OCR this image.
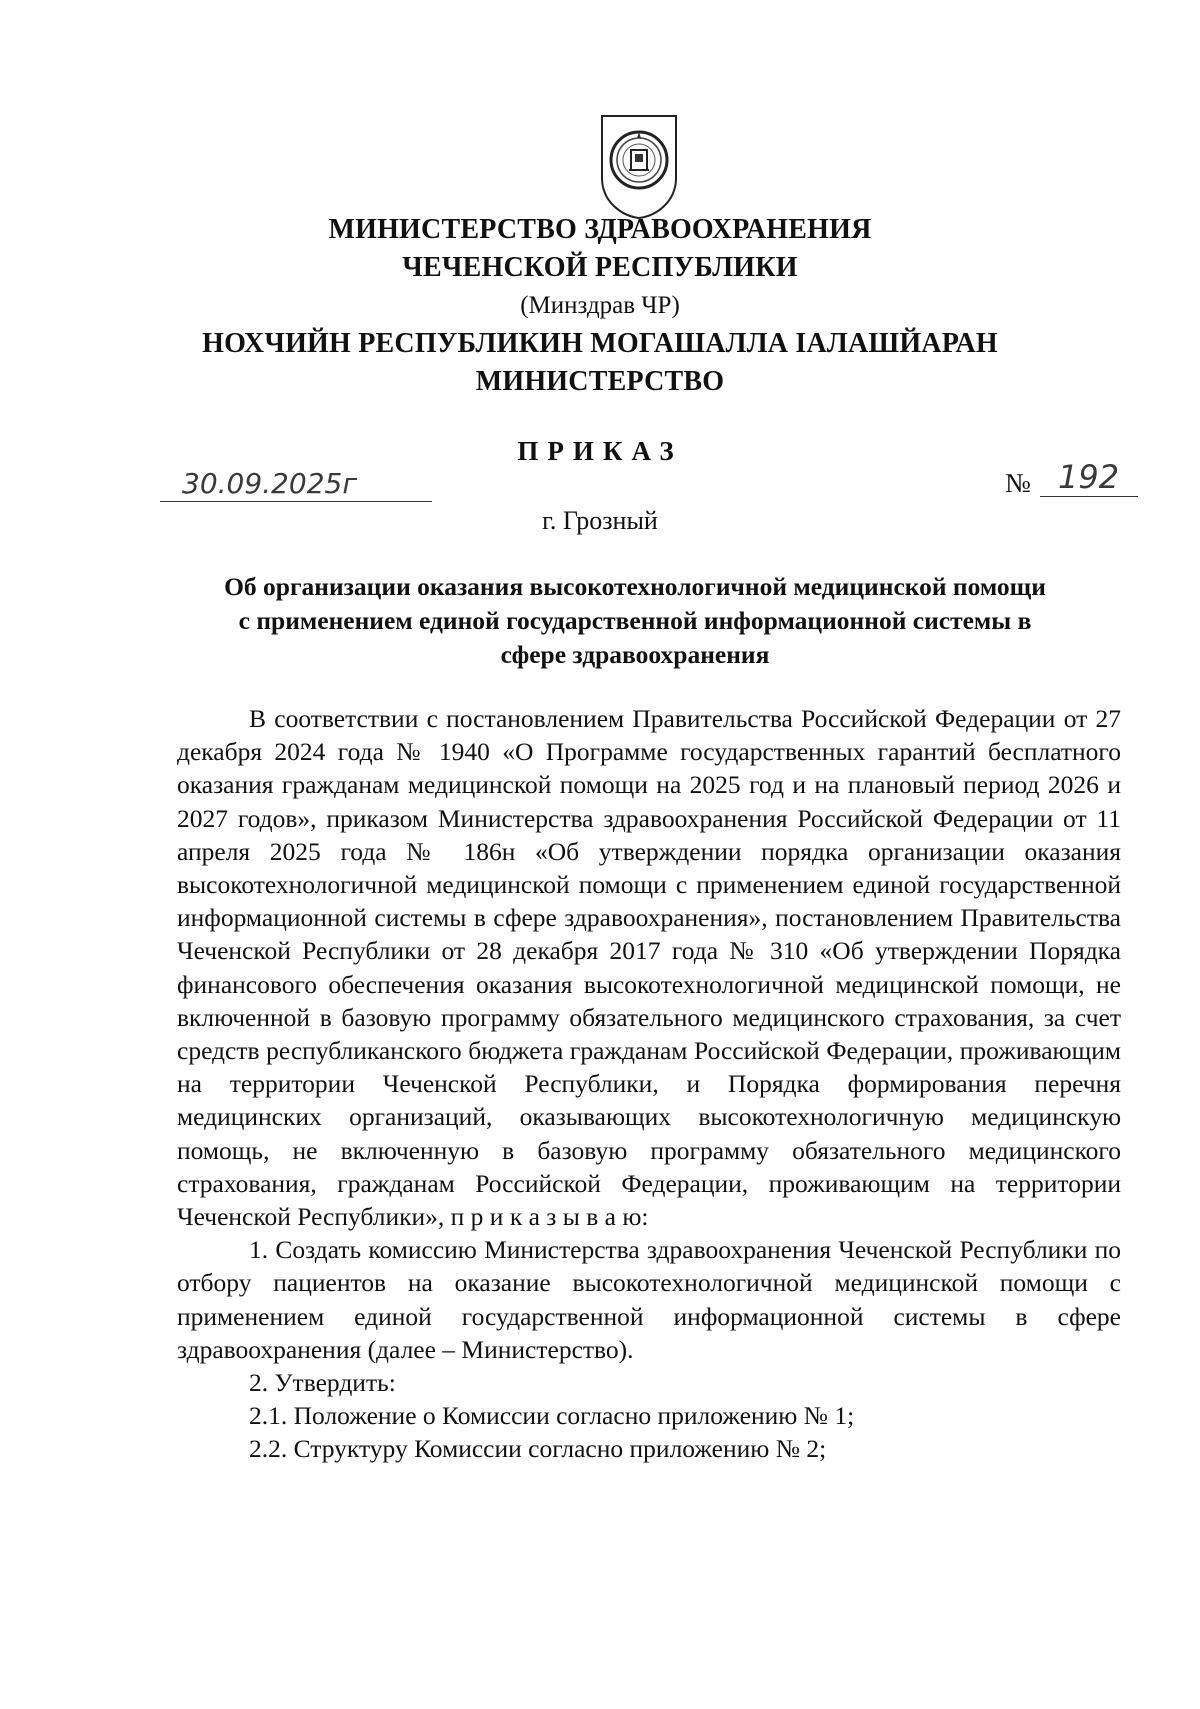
МИНИСТЕРСТВО ЗДРАВООХРАНЕНИЯ
ЧЕЧЕНСКОЙ РЕСПУБЛИКИ
(Минздрав ЧР)
НОХЧИЙН РЕСПУБЛИКИН МОГАШАЛЛА ІАЛАШЙАРАН
МИНИСТЕРСТВО
ПРИКАЗ
30.09.2025г	№ 192
г. Грозный
Об организации оказания высокотехнологичной медицинской помощи
с применением единой государственной информационной системы в
сфере здравоохранения

В соответствии с постановлением Правительства Российской Федерации от 27 декабря 2024 года № 1940 «О Программе государственных гарантий бесплатного оказания гражданам медицинской помощи на 2025 год и на плановый период 2026 и 2027 годов», приказом Министерства здравоохранения Российской Федерации от 11 апреля 2025 года № 186н «Об утверждении порядка организации оказания высокотехнологичной медицинской помощи с применением единой государственной информационной системы в сфере здравоохранения», постановлением Правительства Чеченской Республики от 28 декабря 2017 года № 310 «Об утверждении Порядка финансового обеспечения оказания высокотехнологичной медицинской помощи, не включенной в базовую программу обязательного медицинского страхования, за счет средств республиканского бюджета гражданам Российской Федерации, проживающим на территории Чеченской Республики, и Порядка формирования перечня медицинских организаций, оказывающих высокотехнологичную медицинскую помощь, не включенную в базовую программу обязательного медицинского страхования, гражданам Российской Федерации, проживающим на территории Чеченской Республики», п р и к а з ы в а ю:

1. Создать комиссию Министерства здравоохранения Чеченской Республики по отбору пациентов на оказание высокотехнологичной медицинской помощи с применением единой государственной информационной системы в сфере здравоохранения (далее – Министерство).

2. Утвердить:

2.1. Положение о Комиссии согласно приложению № 1;

2.2. Структуру Комиссии согласно приложению № 2;
